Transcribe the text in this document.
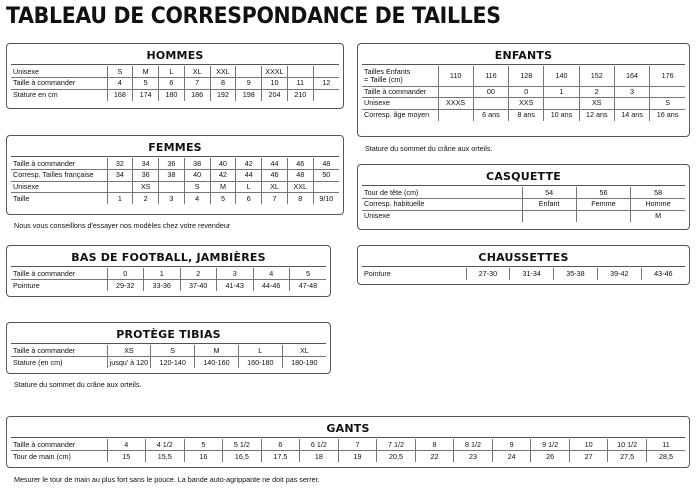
TABLEAU DE CORRESPONDANCE DE TAILLES
HOMMES
Unisexe	S	M	L	XL	XXL		XXXL		
Taille à commander	4	5	6	7	8	9	10	11	12
Stature en cm	168	174	180	186	192	198	204	210	
FEMMES
Taille à commander	32	34	36	38	40	42	44	46	48
Corresp. Tailles française	34	36	38	40	42	44	46	48	50
Unisexe		XS		S	M	L	XL	XXL	
Taille	1	2	3	4	5	6	7	8	9/10
Nous vous conseillons d'essayer nos modèles chez votre revendeur
BAS DE FOOTBALL, JAMBIÈRES
Taille à commander	0	1	2	3	4	5
Pointure	29-32	33-36	37-40	41-43	44-46	47-48
PROTÈGE TIBIAS
Taille à commander	XS	S	M	L	XL
Stature (en cm)	jusqu' à 120	120-140	140-160	160-180	180-190
Stature du sommet du crâne aux orteils.
GANTS
Taille à commander	4	4 1/2	5	5 1/2	6	6 1/2	7	7 1/2	8	8 1/2	9	9 1/2	10	10 1/2	11
Tour de main (cm)	15	15,5	16	16,5	17,5	18	19	20,5	22	23	24	26	27	27,5	28,5
Mesurer le tour de main au plus fort sans le pouce. La bande auto-agrippante ne doit pas serrer.
ENFANTS
Tailles Enfants
= Taille (cm)	110	116	128	140	152	164	176
Taille à commander		00	0	1	2	3	
Unisexe	XXXS		XXS		XS		S
Corresp. âge moyen		6 ans	8 ans	10 ans	12 ans	14 ans	16 ans
Stature du sommet du crâne aux orteils.
CASQUETTE
Tour de tête (cm)	54	56	58
Corresp. habituelle	Enfant	Femme	Homme
Unisexe			M
CHAUSSETTES
Pointure	27-30	31-34	35-38	39-42	43-46
